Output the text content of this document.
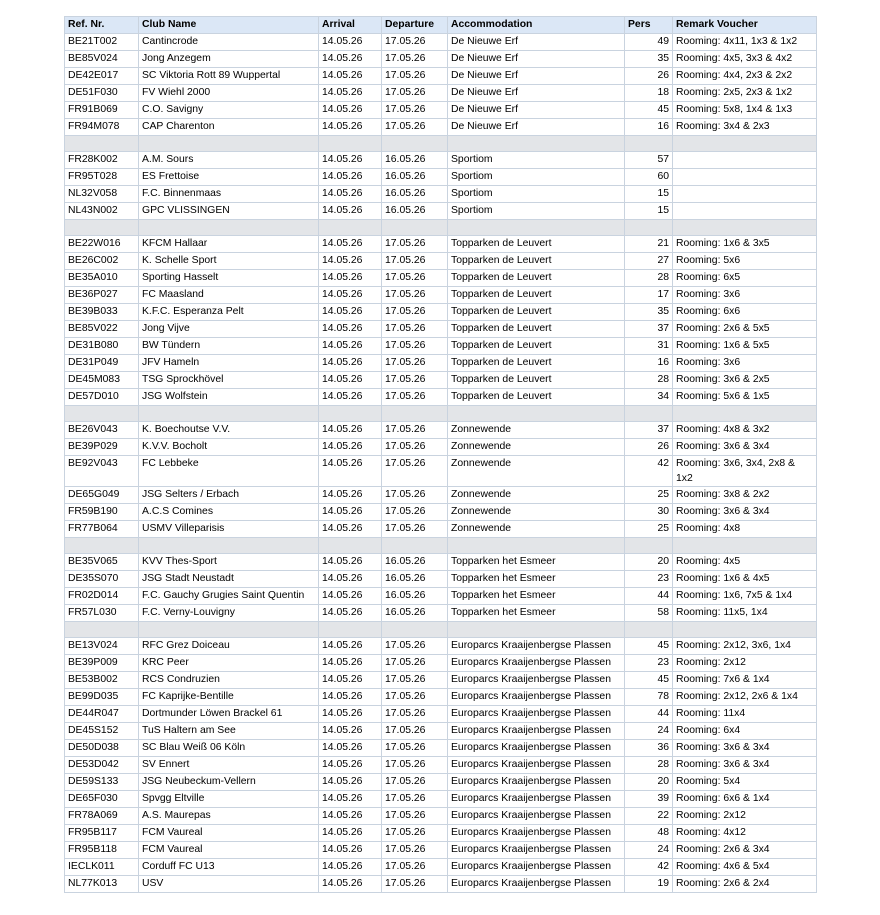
Ref. Nr.	Club Name	Arrival	Departure	Accommodation	Pers	Remark Voucher
BE21T002	Cantincrode	14.05.26	17.05.26	De Nieuwe Erf	49	Rooming: 4x11, 1x3 & 1x2
BE85V024	Jong Anzegem	14.05.26	17.05.26	De Nieuwe Erf	35	Rooming: 4x5, 3x3 & 4x2
DE42E017	SC Viktoria Rott 89 Wuppertal	14.05.26	17.05.26	De Nieuwe Erf	26	Rooming: 4x4, 2x3 & 2x2
DE51F030	FV Wiehl 2000	14.05.26	17.05.26	De Nieuwe Erf	18	Rooming: 2x5, 2x3 & 1x2
FR91B069	C.O. Savigny	14.05.26	17.05.26	De Nieuwe Erf	45	Rooming: 5x8, 1x4 & 1x3
FR94M078	CAP Charenton	14.05.26	17.05.26	De Nieuwe Erf	16	Rooming: 3x4 & 2x3

FR28K002	A.M. Sours	14.05.26	16.05.26	Sportiom	57	
FR95T028	ES Frettoise	14.05.26	16.05.26	Sportiom	60	
NL32V058	F.C. Binnenmaas	14.05.26	16.05.26	Sportiom	15	
NL43N002	GPC VLISSINGEN	14.05.26	16.05.26	Sportiom	15	

BE22W016	KFCM Hallaar	14.05.26	17.05.26	Topparken de Leuvert	21	Rooming: 1x6 & 3x5
BE26C002	K. Schelle Sport	14.05.26	17.05.26	Topparken de Leuvert	27	Rooming: 5x6
BE35A010	Sporting Hasselt	14.05.26	17.05.26	Topparken de Leuvert	28	Rooming: 6x5
BE36P027	FC Maasland	14.05.26	17.05.26	Topparken de Leuvert	17	Rooming: 3x6
BE39B033	K.F.C. Esperanza Pelt	14.05.26	17.05.26	Topparken de Leuvert	35	Rooming: 6x6
BE85V022	Jong Vijve	14.05.26	17.05.26	Topparken de Leuvert	37	Rooming: 2x6 & 5x5
DE31B080	BW Tündern	14.05.26	17.05.26	Topparken de Leuvert	31	Rooming: 1x6 & 5x5
DE31P049	JFV Hameln	14.05.26	17.05.26	Topparken de Leuvert	16	Rooming: 3x6
DE45M083	TSG Sprockhövel	14.05.26	17.05.26	Topparken de Leuvert	28	Rooming: 3x6 & 2x5
DE57D010	JSG Wolfstein	14.05.26	17.05.26	Topparken de Leuvert	34	Rooming: 5x6 & 1x5

BE26V043	K. Boechoutse V.V.	14.05.26	17.05.26	Zonnewende	37	Rooming: 4x8 & 3x2
BE39P029	K.V.V. Bocholt	14.05.26	17.05.26	Zonnewende	26	Rooming: 3x6 & 3x4
BE92V043	FC Lebbeke	14.05.26	17.05.26	Zonnewende	42	Rooming: 3x6, 3x4, 2x8 & 1x2
DE65G049	JSG Selters / Erbach	14.05.26	17.05.26	Zonnewende	25	Rooming: 3x8 & 2x2
FR59B190	A.C.S Comines	14.05.26	17.05.26	Zonnewende	30	Rooming: 3x6 & 3x4
FR77B064	USMV Villeparisis	14.05.26	17.05.26	Zonnewende	25	Rooming: 4x8

BE35V065	KVV Thes-Sport	14.05.26	16.05.26	Topparken het Esmeer	20	Rooming: 4x5
DE35S070	JSG Stadt Neustadt	14.05.26	16.05.26	Topparken het Esmeer	23	Rooming: 1x6 & 4x5
FR02D014	F.C. Gauchy Grugies Saint Quentin	14.05.26	16.05.26	Topparken het Esmeer	44	Rooming: 1x6, 7x5 & 1x4
FR57L030	F.C. Verny-Louvigny	14.05.26	16.05.26	Topparken het Esmeer	58	Rooming: 11x5, 1x4

BE13V024	RFC Grez Doiceau	14.05.26	17.05.26	Europarcs Kraaijenbergse Plassen	45	Rooming: 2x12, 3x6, 1x4
BE39P009	KRC Peer	14.05.26	17.05.26	Europarcs Kraaijenbergse Plassen	23	Rooming: 2x12
BE53B002	RCS Condruzien	14.05.26	17.05.26	Europarcs Kraaijenbergse Plassen	45	Rooming: 7x6 & 1x4
BE99D035	FC Kaprijke-Bentille	14.05.26	17.05.26	Europarcs Kraaijenbergse Plassen	78	Rooming: 2x12, 2x6 & 1x4
DE44R047	Dortmunder Löwen Brackel 61	14.05.26	17.05.26	Europarcs Kraaijenbergse Plassen	44	Rooming: 11x4
DE45S152	TuS Haltern am See	14.05.26	17.05.26	Europarcs Kraaijenbergse Plassen	24	Rooming: 6x4
DE50D038	SC Blau Weiß 06 Köln	14.05.26	17.05.26	Europarcs Kraaijenbergse Plassen	36	Rooming: 3x6 & 3x4
DE53D042	SV Ennert	14.05.26	17.05.26	Europarcs Kraaijenbergse Plassen	28	Rooming: 3x6 & 3x4
DE59S133	JSG Neubeckum-Vellern	14.05.26	17.05.26	Europarcs Kraaijenbergse Plassen	20	Rooming: 5x4
DE65F030	Spvgg Eltville	14.05.26	17.05.26	Europarcs Kraaijenbergse Plassen	39	Rooming: 6x6 & 1x4
FR78A069	A.S. Maurepas	14.05.26	17.05.26	Europarcs Kraaijenbergse Plassen	22	Rooming: 2x12
FR95B117	FCM Vaureal	14.05.26	17.05.26	Europarcs Kraaijenbergse Plassen	48	Rooming: 4x12
FR95B118	FCM Vaureal	14.05.26	17.05.26	Europarcs Kraaijenbergse Plassen	24	Rooming: 2x6 & 3x4
IECLK011	Corduff FC U13	14.05.26	17.05.26	Europarcs Kraaijenbergse Plassen	42	Rooming: 4x6 & 5x4
NL77K013	USV	14.05.26	17.05.26	Europarcs Kraaijenbergse Plassen	19	Rooming: 2x6 & 2x4
